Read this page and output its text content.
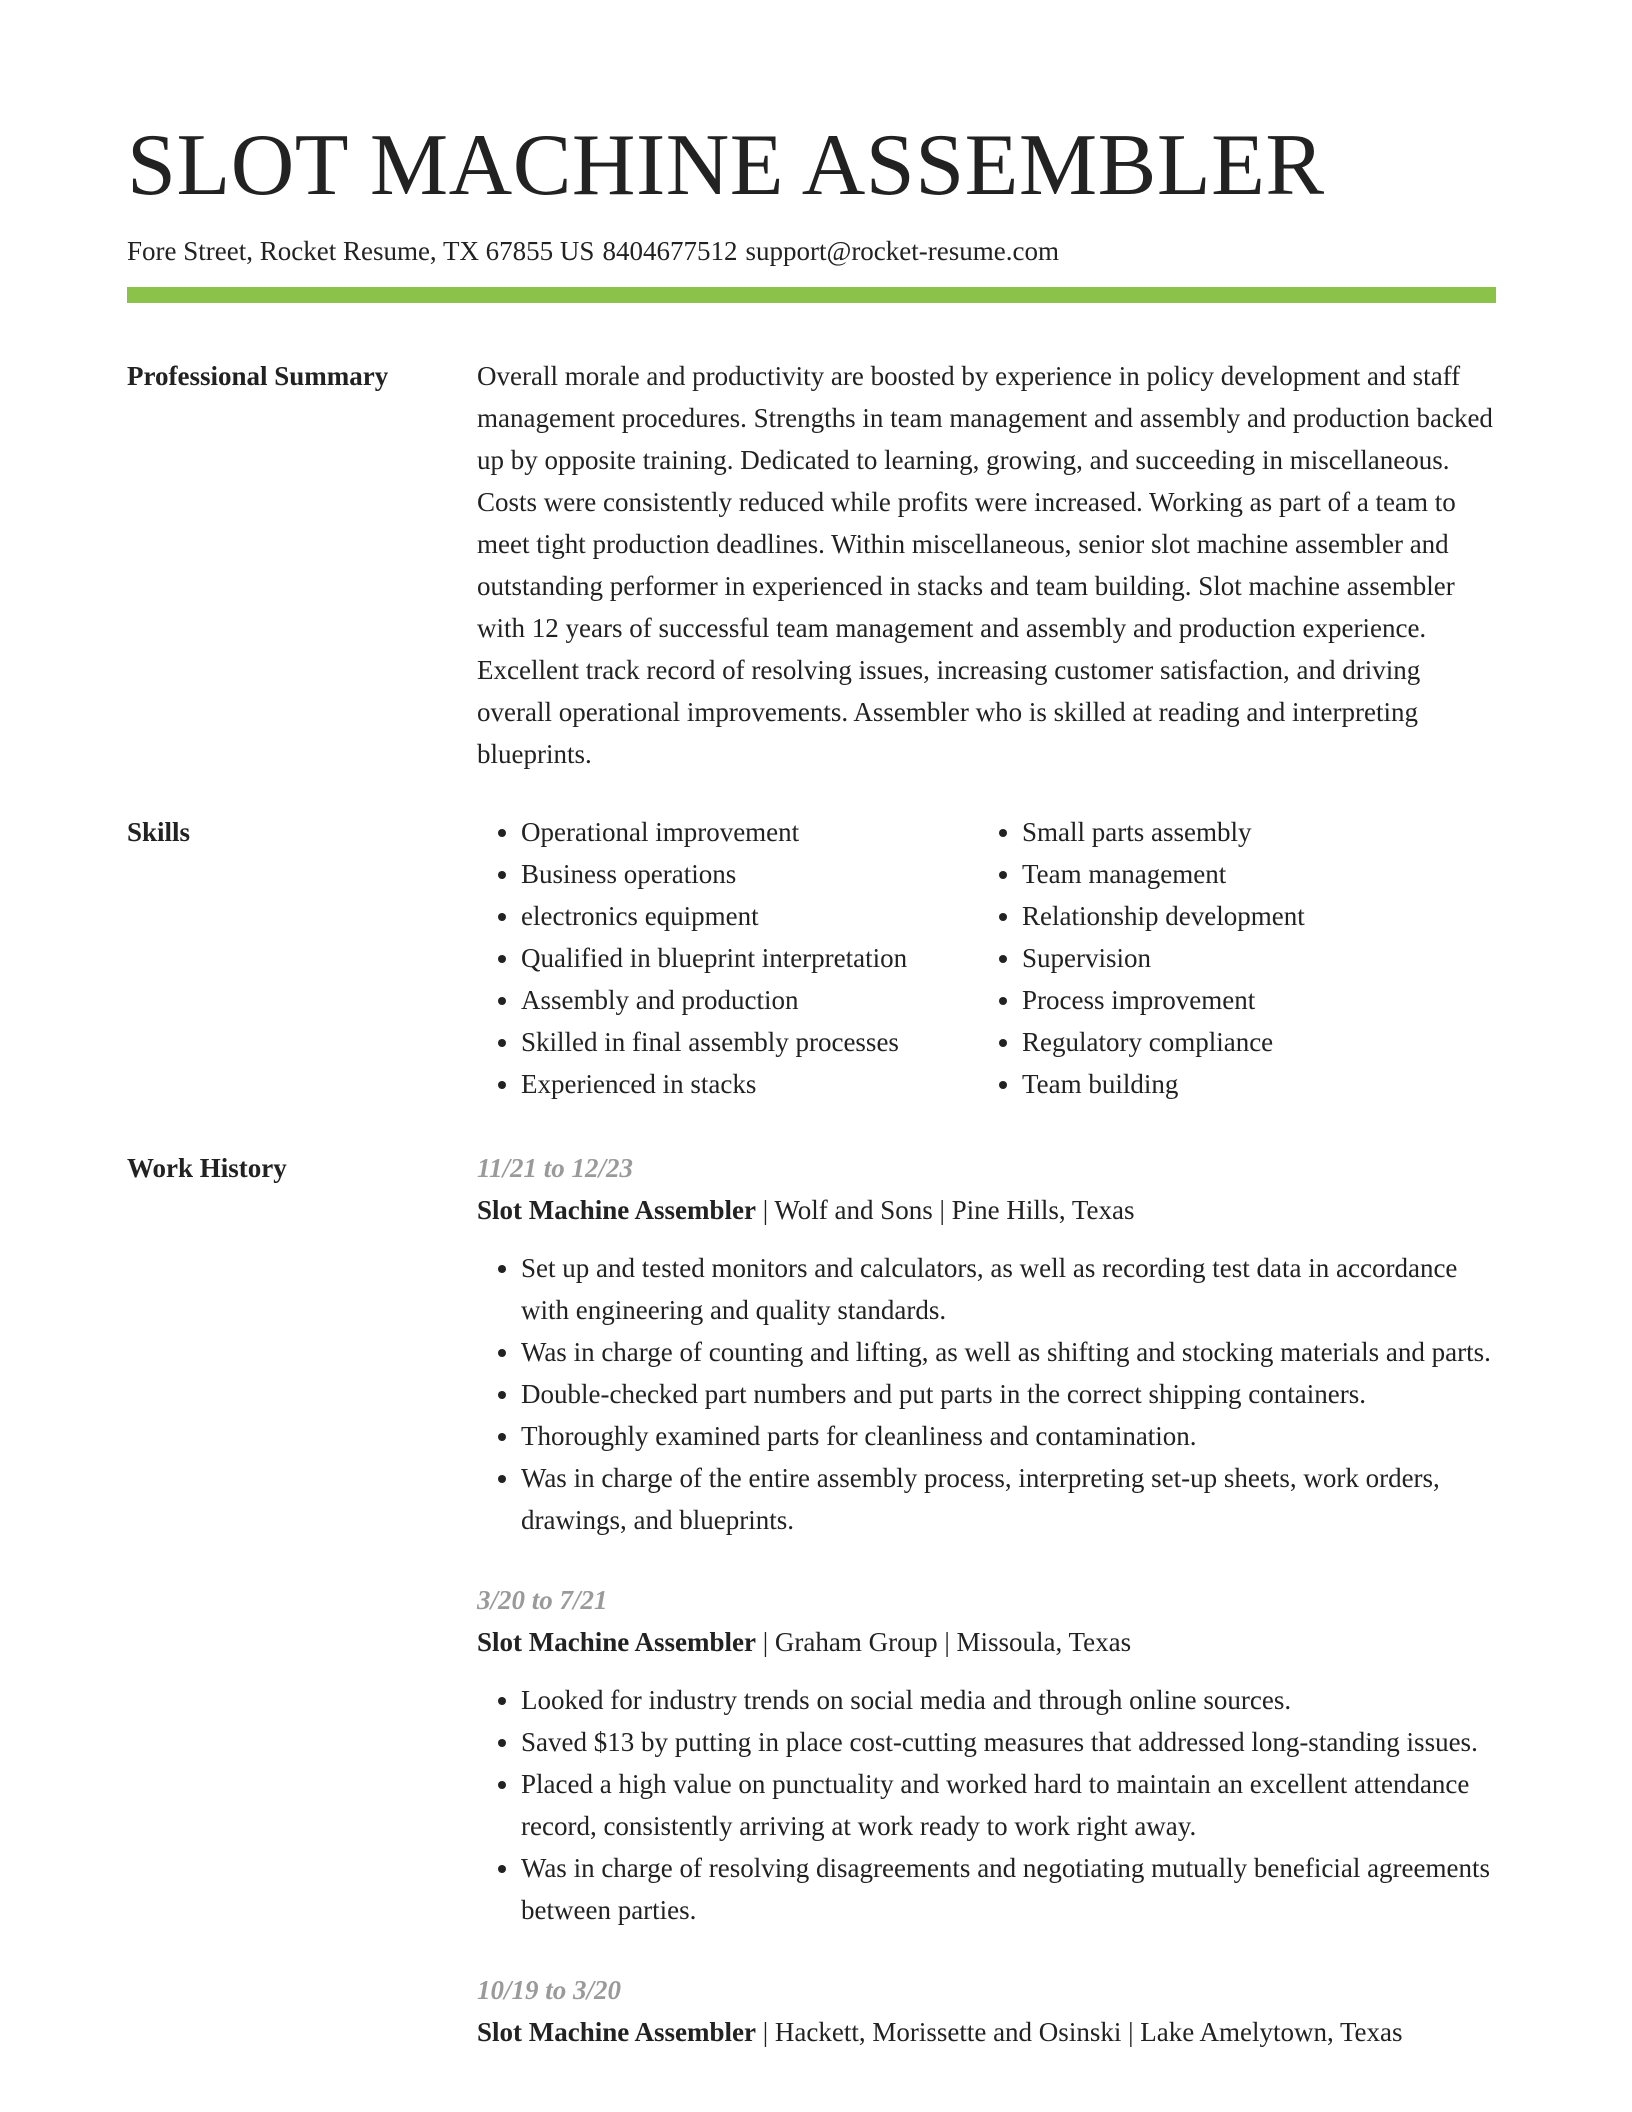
SLOT MACHINE ASSEMBLER
Fore Street, Rocket Resume, TX 67855 US 8404677512 support@rocket-resume.com
Professional Summary	Overall morale and productivity are boosted by experience in policy development and staff management procedures. Strengths in team management and assembly and production backed up by opposite training. Dedicated to learning, growing, and succeeding in miscellaneous. Costs were consistently reduced while profits were increased. Working as part of a team to meet tight production deadlines. Within miscellaneous, senior slot machine assembler and outstanding performer in experienced in stacks and team building. Slot machine assembler with 12 years of successful team management and assembly and production experience. Excellent track record of resolving issues, increasing customer satisfaction, and driving overall operational improvements. Assembler who is skilled at reading and interpreting blueprints.

Skills
•	Operational improvement
• Business operations
• electronics equipment
• Qualified in blueprint interpretation
• Assembly and production
• Skilled in final assembly processes
• Experienced in stacks
• Small parts assembly
• Team management
• Relationship development
• Supervision
• Process improvement
• Regulatory compliance
• Team building
Work History	11/21 to 12/23
Slot Machine Assembler | Wolf and Sons | Pine Hills, Texas
• Set up and tested monitors and calculators, as well as recording test data in accordance with engineering and quality standards.
• Was in charge of counting and lifting, as well as shifting and stocking materials and parts.
• Double-checked part numbers and put parts in the correct shipping containers.
• Thoroughly examined parts for cleanliness and contamination.
• Was in charge of the entire assembly process, interpreting set-up sheets, work orders, drawings, and blueprints.
3/20 to 7/21
Slot Machine Assembler | Graham Group | Missoula, Texas
• Looked for industry trends on social media and through online sources.
• Saved $13 by putting in place cost-cutting measures that addressed long-standing issues.
• Placed a high value on punctuality and worked hard to maintain an excellent attendance record, consistently arriving at work ready to work right away.
• Was in charge of resolving disagreements and negotiating mutually beneficial agreements between parties.
10/19 to 3/20
Slot Machine Assembler | Hackett, Morissette and Osinski | Lake Amelytown, Texas
